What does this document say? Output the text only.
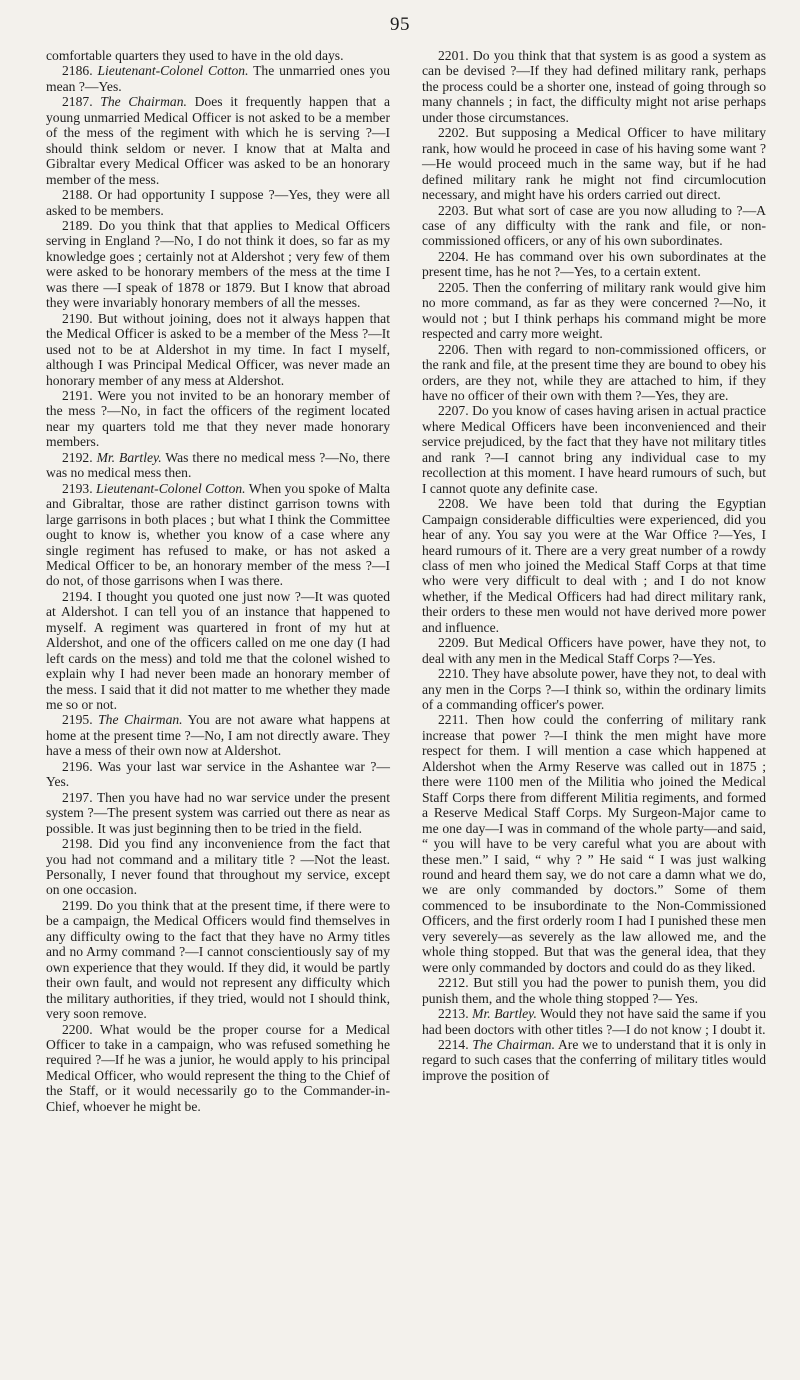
95

comfortable quarters they used to have in the old days.

2186. Lieutenant-Colonel Cotton. The unmarried ones you mean ?—Yes.

2187. The Chairman. Does it frequently happen that a young unmarried Medical Officer is not asked to be a member of the mess of the regiment with which he is serving ?—I should think seldom or never. I know that at Malta and Gibraltar every Medical Officer was asked to be an honorary member of the mess.

2188. Or had opportunity I suppose ?—Yes, they were all asked to be members.

2189. Do you think that that applies to Medical Officers serving in England ?—No, I do not think it does, so far as my knowledge goes ; certainly not at Aldershot ; very few of them were asked to be honorary members of the mess at the time I was there —I speak of 1878 or 1879. But I know that abroad they were invariably honorary members of all the messes.

2190. But without joining, does not it always happen that the Medical Officer is asked to be a member of the Mess ?—It used not to be at Aldershot in my time. In fact I myself, although I was Principal Medical Officer, was never made an honorary member of any mess at Aldershot.

2191. Were you not invited to be an honorary member of the mess ?—No, in fact the officers of the regiment located near my quarters told me that they never made honorary members.

2192. Mr. Bartley. Was there no medical mess ?—No, there was no medical mess then.

2193. Lieutenant-Colonel Cotton. When you spoke of Malta and Gibraltar, those are rather distinct garrison towns with large garrisons in both places ; but what I think the Committee ought to know is, whether you know of a case where any single regiment has refused to make, or has not asked a Medical Officer to be, an honorary member of the mess ?—I do not, of those garrisons when I was there.

2194. I thought you quoted one just now ?—It was quoted at Aldershot. I can tell you of an instance that happened to myself. A regiment was quartered in front of my hut at Aldershot, and one of the officers called on me one day (I had left cards on the mess) and told me that the colonel wished to explain why I had never been made an honorary member of the mess. I said that it did not matter to me whether they made me so or not.

2195. The Chairman. You are not aware what happens at home at the present time ?—No, I am not directly aware. They have a mess of their own now at Aldershot.

2196. Was your last war service in the Ashantee war ?—Yes.

2197. Then you have had no war service under the present system ?—The present system was carried out there as near as possible. It was just beginning then to be tried in the field.

2198. Did you find any inconvenience from the fact that you had not command and a military title ? —Not the least. Personally, I never found that throughout my service, except on one occasion.

2199. Do you think that at the present time, if there were to be a campaign, the Medical Officers would find themselves in any difficulty owing to the fact that they have no Army titles and no Army command ?—I cannot conscientiously say of my own experience that they would. If they did, it would be partly their own fault, and would not represent any difficulty which the military authorities, if they tried, would not I should think, very soon remove.

2200. What would be the proper course for a Medical Officer to take in a campaign, who was refused something he required ?—If he was a junior, he would apply to his principal Medical Officer, who would represent the thing to the Chief of the Staff, or it would necessarily go to the Commander-in-Chief, whoever he might be.

2201. Do you think that that system is as good a system as can be devised ?—If they had defined military rank, perhaps the process could be a shorter one, instead of going through so many channels ; in fact, the difficulty might not arise perhaps under those circumstances.

2202. But supposing a Medical Officer to have military rank, how would he proceed in case of his having some want ?—He would proceed much in the same way, but if he had defined military rank he might not find circumlocution necessary, and might have his orders carried out direct.

2203. But what sort of case are you now alluding to ?—A case of any difficulty with the rank and file, or non-commissioned officers, or any of his own subordinates.

2204. He has command over his own subordinates at the present time, has he not ?—Yes, to a certain extent.

2205. Then the conferring of military rank would give him no more command, as far as they were concerned ?—No, it would not ; but I think perhaps his command might be more respected and carry more weight.

2206. Then with regard to non-commissioned officers, or the rank and file, at the present time they are bound to obey his orders, are they not, while they are attached to him, if they have no officer of their own with them ?—Yes, they are.

2207. Do you know of cases having arisen in actual practice where Medical Officers have been inconvenienced and their service prejudiced, by the fact that they have not military titles and rank ?—I cannot bring any individual case to my recollection at this moment. I have heard rumours of such, but I cannot quote any definite case.

2208. We have been told that during the Egyptian Campaign considerable difficulties were experienced, did you hear of any. You say you were at the War Office ?—Yes, I heard rumours of it. There are a very great number of a rowdy class of men who joined the Medical Staff Corps at that time who were very difficult to deal with ; and I do not know whether, if the Medical Officers had had direct military rank, their orders to these men would not have derived more power and influence.

2209. But Medical Officers have power, have they not, to deal with any men in the Medical Staff Corps ?—Yes.

2210. They have absolute power, have they not, to deal with any men in the Corps ?—I think so, within the ordinary limits of a commanding officer's power.

2211. Then how could the conferring of military rank increase that power ?—I think the men might have more respect for them. I will mention a case which happened at Aldershot when the Army Reserve was called out in 1875 ; there were 1100 men of the Militia who joined the Medical Staff Corps there from different Militia regiments, and formed a Reserve Medical Staff Corps. My Surgeon-Major came to me one day—I was in command of the whole party—and said, “ you will have to be very careful what you are about with these men.” I said, “ why ? ” He said “ I was just walking round and heard them say, we do not care a damn what we do, we are only commanded by doctors.” Some of them commenced to be insubordinate to the Non-Commissioned Officers, and the first orderly room I had I punished these men very severely—as severely as the law allowed me, and the whole thing stopped. But that was the general idea, that they were only commanded by doctors and could do as they liked.

2212. But still you had the power to punish them, you did punish them, and the whole thing stopped ?— Yes.

2213. Mr. Bartley. Would they not have said the same if you had been doctors with other titles ?—I do not know ; I doubt it.

2214. The Chairman. Are we to understand that it is only in regard to such cases that the conferring of military titles would improve the position of
